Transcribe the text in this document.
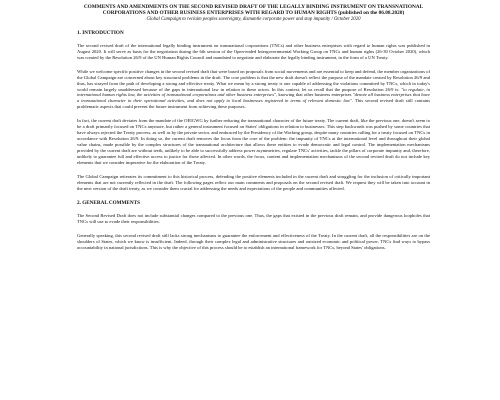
COMMENTS AND AMENDMENTS ON THE SECOND REVISED DRAFT OF THE LEGALLY BINDING INSTRUMENT ON TRANSNATIONAL CORPORATIONS AND OTHER BUSINESS ENTERPRISES WITH REGARD TO HUMAN RIGHTS (published on the 06.08.2020)

Global Campaign to reclaim peoples sovereignty, dismantle corporate power and stop impunity / October 2020

1. INTRODUCTION

The second revised draft of the international legally binding instrument on transnational corporations (TNCs) and other business enterprises with regard to human rights was published in August 2020. It will serve as basis for the negotiation during the 6th session of the Open-ended Intergovernmental Working Group on TNCs and human rights (26-30 October 2020), which was created by the Resolution 26/9 of the UN Human Rights Council and mandated to negotiate and elaborate the legally binding instrument, in the form of a UN Treaty.

While we welcome specific positive changes in the second revised draft that were based on proposals from social movements and are essential to keep and defend, the member organizations of the Global Campaign are concerned about key structural problems in the draft. The core problem is that the new draft doesn't reflect the purpose of the mandate created by Resolution 26/9 and thus, has strayed from the path of developing a strong and effective treaty. What we mean by a strong treaty is one capable of addressing the violations committed by TNCs, which in today's world remain largely unaddressed because of the gaps in international law in relation to these actors. In this context, let us recall that the purpose of Resolution 26/9 is: "to regulate, in international human rights law, the activities of transnational corporations and other business enterprises", knowing that other business enterprises "denote all business enterprises that have a transnational character in their operational activities, and does not apply to local businesses registered in terms of relevant domestic law". This second revised draft still contains problematic aspects that could prevent the future instrument from achieving these purposes.

In fact, the current draft deviates from the mandate of the OEIGWG by further reducing the transnational character of the future treaty. The current draft, like the previous one, doesn't seem to be a draft primarily focused on TNCs anymore, but rather a general instrument focused on States' obligations in relation to businesses. This step backwards was pushed by some countries that have always rejected the Treaty process, as well as by the private sector, and embraced by the Presidency of the Working group, despite many countries calling for a treaty focused on TNCs in accordance with Resolution 26/9. In doing so, the current draft removes the focus from the core of the problem: the impunity of TNCs at the international level and throughout their global value chains, made possible by the complex structures of the transnational architecture that allows these entities to evade democratic and legal control. The implementation mechanisms provided by the current draft are without teeth, unlikely to be able to successfully address power asymmetries, regulate TNCs' activities, tackle the pillars of corporate impunity and, therefore, unlikely to guarantee full and effective access to justice for those affected. In other words, the focus, content and implementation mechanisms of the second revised draft do not include key elements that we consider imperative for the elaboration of the Treaty.

The Global Campaign reiterates its commitment to this historical process, defending the positive elements included in the current draft and struggling for the inclusion of critically important elements that are not currently reflected in the draft. The following pages reflect our main comments and proposals on the second revised draft. We request they will be taken into account in the next version of the draft treaty, as we consider them crucial for addressing the needs and expectations of the people and communities affected.

2. GENERAL COMMENTS

The Second Revised Draft does not include substantial changes compared to the previous one. Thus, the gaps that existed in the previous draft remain, and provide dangerous loopholes that TNCs will use to evade their responsibilities.

Generally speaking, this second revised draft still lacks strong mechanisms to guarantee the enforcement and effectiveness of the Treaty. In the current draft, all the responsibilities are on the shoulders of States, which we know is insufficient. Indeed, through their complex legal and administrative structures and outsized economic and political power, TNCs find ways to bypass accountability in national jurisdictions. This is why the objective of this process should be to establish an international framework for TNCs, beyond States' obligations.
